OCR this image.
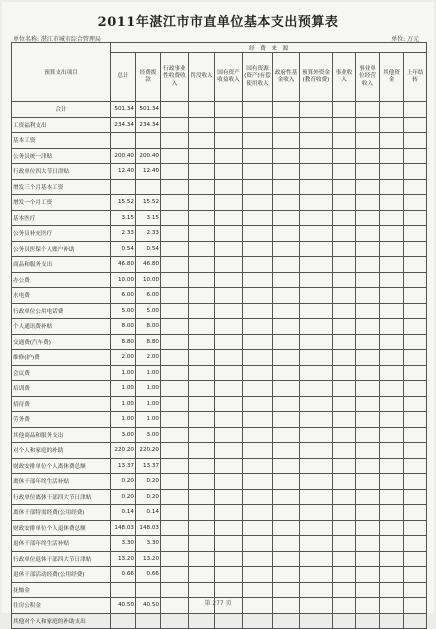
2011年湛江市市直单位基本支出预算表
单位名称: 湛江市城市综合管理局	单位: 万元
预算支出项目	经　费　来　源											
	总计	经费拨款	行政事业性收费收入	罚没收入	国有资产收益收入	国有资源(资产)有偿使用收入	政府性基金收入	预算外资金(教育收费)	事业收入	事业单位经营收入	其他资金	上年结转
合计	501.34	501.34										
工资福利支出	234.34	234.34										
基本工资												
公务员统一津贴	200.40	200.40										
行政单位四大节日津贴	12.40	12.40										
增发三个月基本工资												
增发一个月工资	15.52	15.52										
基本医疗	3.15	3.15										
公务员补充医疗	2.33	2.33										
公务员医保个人账户补助	0.54	0.54										
商品和服务支出	46.80	46.80										
办公费	10.00	10.00										
水电费	6.00	6.00										
行政单位公用电话费	5.00	5.00										
个人通讯费补贴	8.00	8.00										
交通费(汽车费)	8.80	8.80										
维修(护)费	2.00	2.00										
会议费	1.00	1.00										
培训费	1.00	1.00										
招待费	1.00	1.00										
劳务费	1.00	1.00										
其他商品和服务支出	3.00	3.00										
对个人和家庭的补助	220.20	220.20										
财政安排单位个人离休费总额	13.37	13.37										
离休干部年终生活补贴	0.20	0.20										
行政单位离休干部四大节日津贴	0.20	0.20										
离休干部特需经费(公用经费)	0.14	0.14										
财政安排单位个人退休费总额	148.03	148.03										
退休干部年终生活补贴	3.30	3.30										
行政单位退休干部四大节日津贴	13.20	13.20										
退休干部活动经费(公用经费)	0.66	0.66										
抚恤金												
住房公积金	40.50	40.50										
其他对个人和家庭的补助支出												
第 277 页
